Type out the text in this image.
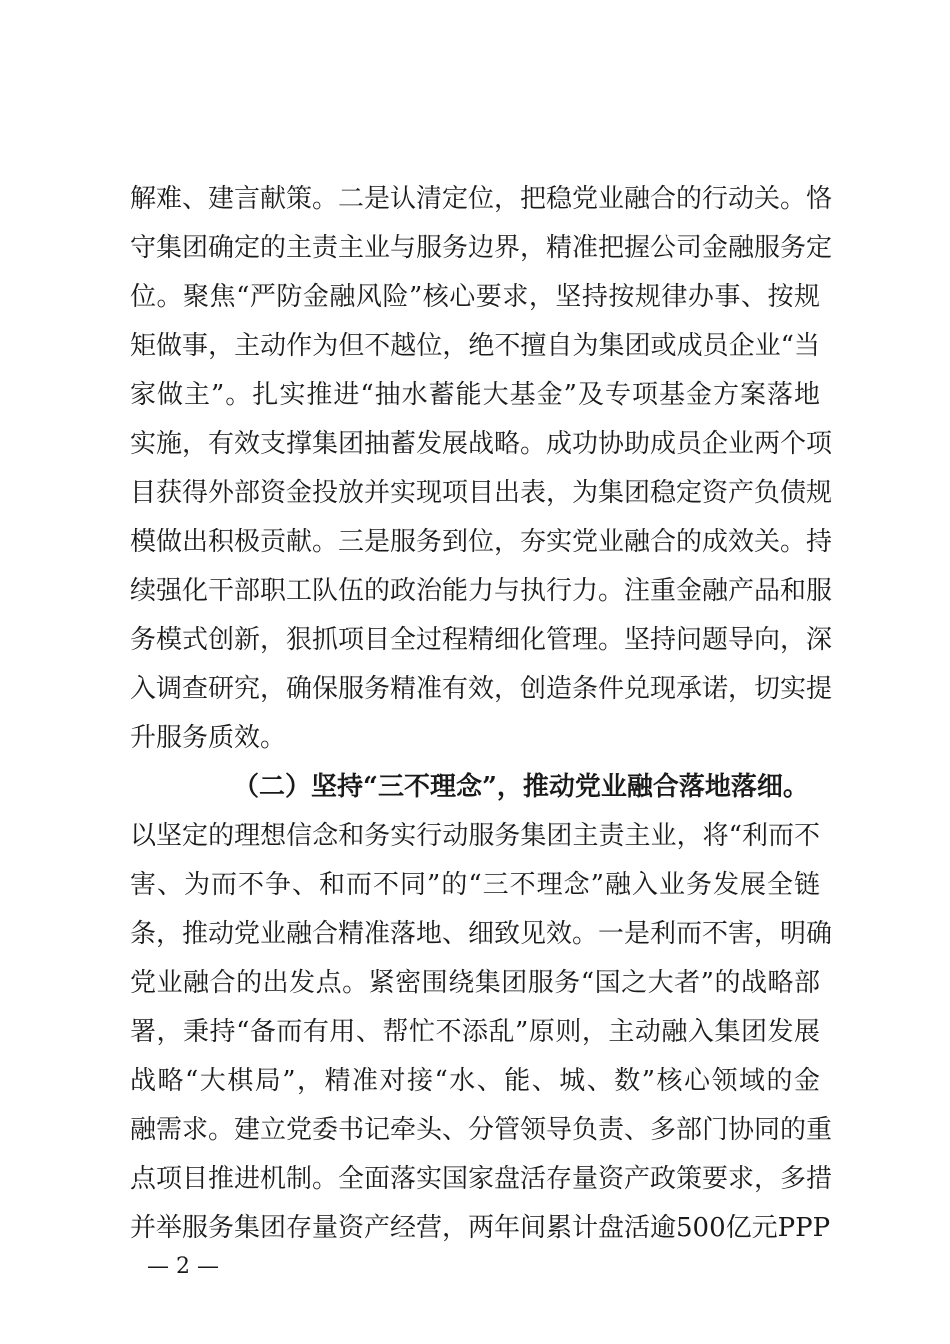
解难、建言献策。二是认清定位，把稳党业融合的行动关。恪
守集团确定的主责主业与服务边界，精准把握公司金融服务定
位。聚焦“严防金融风险”核心要求，坚持按规律办事、按规
矩做事，主动作为但不越位，绝不擅自为集团或成员企业“当
家做主”。扎实推进“抽水蓄能大基金”及专项基金方案落地
实施，有效支撑集团抽蓄发展战略。成功协助成员企业两个项
目获得外部资金投放并实现项目出表，为集团稳定资产负债规
模做出积极贡献。三是服务到位，夯实党业融合的成效关。持
续强化干部职工队伍的政治能力与执行力。注重金融产品和服
务模式创新，狠抓项目全过程精细化管理。坚持问题导向，深
入调查研究，确保服务精准有效，创造条件兑现承诺，切实提
升服务质效。
（二）坚持“三不理念”，推动党业融合落地落细。
以坚定的理想信念和务实行动服务集团主责主业，将“利而不
害、为而不争、和而不同”的“三不理念”融入业务发展全链
条，推动党业融合精准落地、细致见效。一是利而不害，明确
党业融合的出发点。紧密围绕集团服务“国之大者”的战略部
署，秉持“备而有用、帮忙不添乱”原则，主动融入集团发展
战略“大棋局”，精准对接“水、能、城、数”核心领域的金
融需求。建立党委书记牵头、分管领导负责、多部门协同的重
点项目推进机制。全面落实国家盘活存量资产政策要求，多措
并举服务集团存量资产经营，两年间累计盘活逾500亿元PPP
— 2 —
